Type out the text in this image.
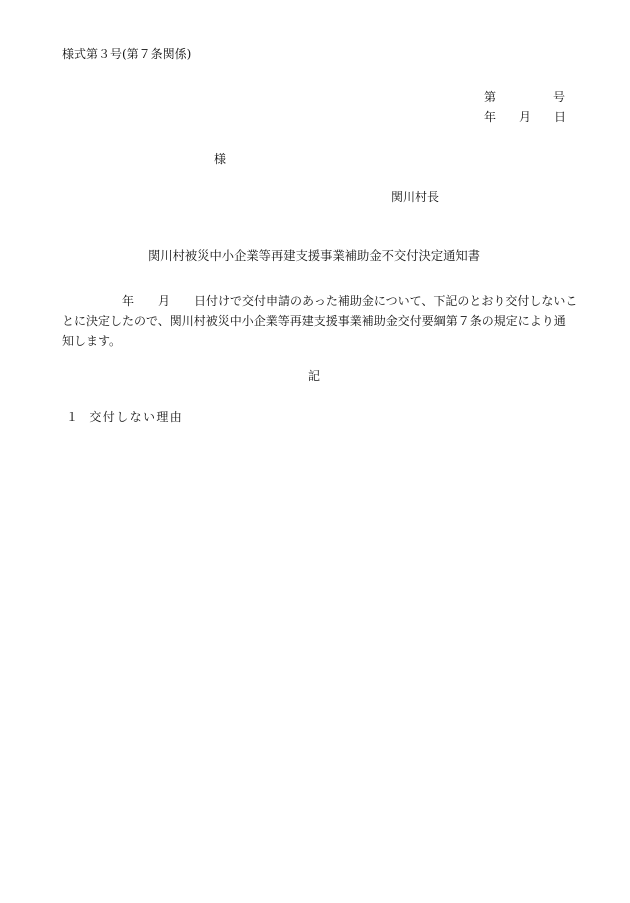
様式第３号(第７条関係)
第	号
年 月 日
様
関川村長
関川村被災中小企業等再建支援事業補助金不交付決定通知書
年　　月　　日付けで交付申請のあった補助金について、下記のとおり交付しないこ
とに決定したので、関川村被災中小企業等再建支援事業補助金交付要綱第７条の規定により通
知します。
記
１ 交付しない理由
